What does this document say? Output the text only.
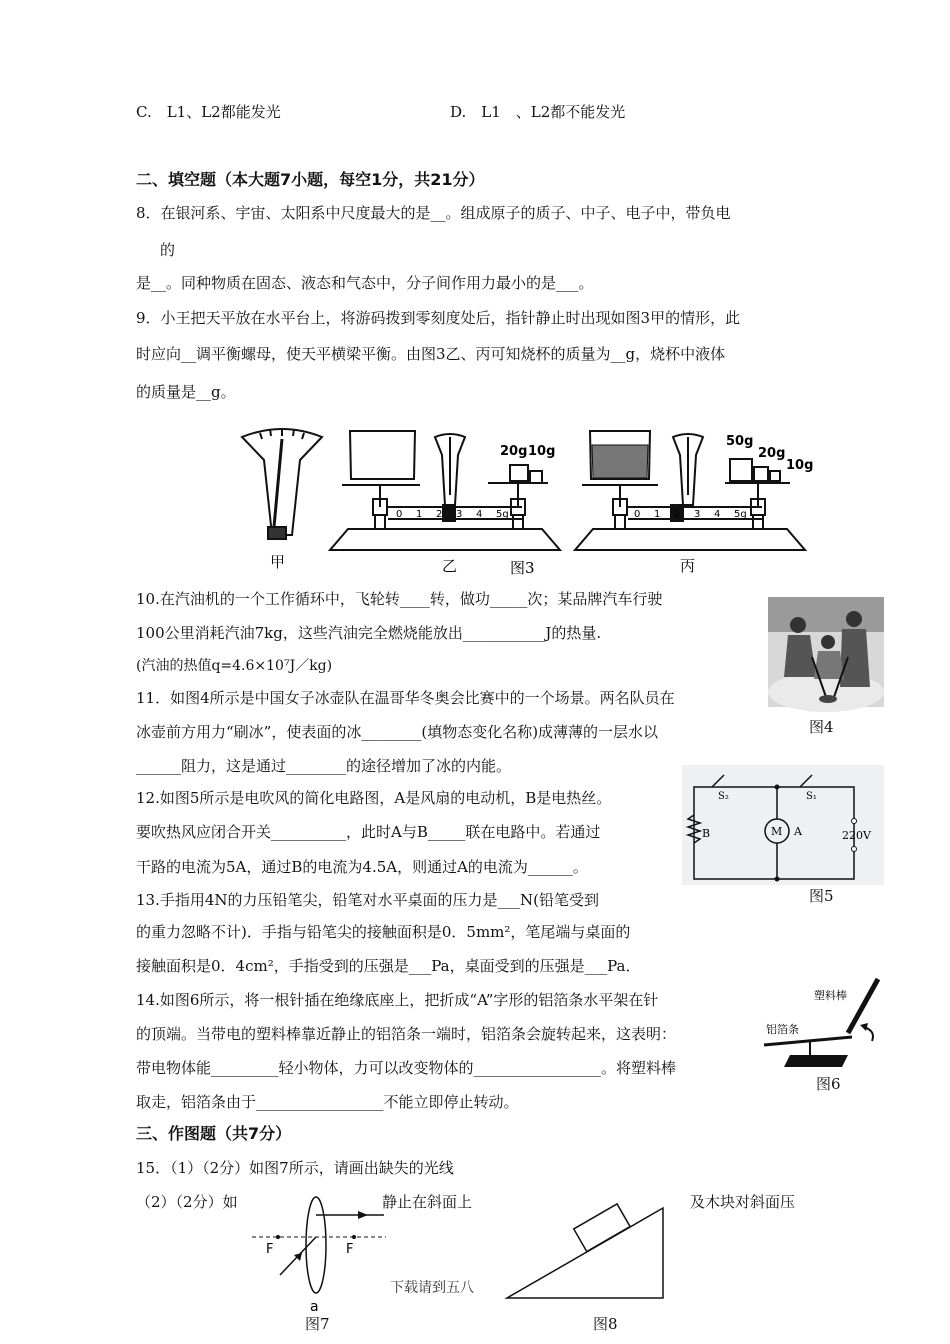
C.　L1、L2都能发光	D.　L1　、L2都不能发光
二、填空题（本大题7小题，每空1分，共21分）
8．在银河系、宇宙、太阳系中尺度最大的是__。组成原子的质子、中子、电子中，带负电
的
是__。同种物质在固态、液态和气态中，分子间作用力最小的是___。
9．小王把天平放在水平台上，将游码拨到零刻度处后，指针静止时出现如图3甲的情形，此
时应向__调平衡螺母，使天平横梁平衡。由图3乙、丙可知烧杯的质量为__g，烧杯中液体
的质量是__g。
甲
0 1 2 3 4 5g
20g 10g
乙	图3
0 1 2 3 4 5g
50g
20g
10g
丙
10.在汽油机的一个工作循环中，飞轮转____转，做功_____次；某品牌汽车行驶
100公里消耗汽油7kg，这些汽油完全燃烧能放出___________J的热量.
(汽油的热值q=4.6×10⁷J／kg)
图4
11．如图4所示是中国女子冰壶队在温哥华冬奥会比赛中的一个场景。两名队员在
冰壶前方用力“刷冰”，使表面的冰________(填物态变化名称)成薄薄的一层水以
______阻力，这是通过________的途径增加了冰的内能。
S₂	S₁
B	M A	220V
图5
12.如图5所示是电吹风的简化电路图，A是风扇的电动机，B是电热丝。
要吹热风应闭合开关__________，此时A与B_____联在电路中。若通过
干路的电流为5A，通过B的电流为4.5A，则通过A的电流为______。
13.手指用4N的力压铅笔尖，铅笔对水平桌面的压力是___N(铅笔受到
的重力忽略不计)．手指与铅笔尖的接触面积是0．5mm²，笔尾端与桌面的
接触面积是0．4cm²，手指受到的压强是___Pa，桌面受到的压强是___Pa．
塑料棒
铝箔条
图6
14.如图6所示，将一根针插在绝缘底座上，把折成“A”字形的铝箔条水平架在针
的顶端。当带电的塑料棒靠近静止的铝箔条一端时，铝箔条会旋转起来，这表明：
带电物体能_________轻小物体，力可以改变物体的_________________。将塑料棒
取走，铝箔条由于_________________不能立即停止转动。
三、作图题（共7分）
15．（1）（2分）如图7所示，请画出缺失的光线
（2）（2分）如	静止在斜面上	及木块对斜面压
F	F
a
图7
下载请到五八
图8
